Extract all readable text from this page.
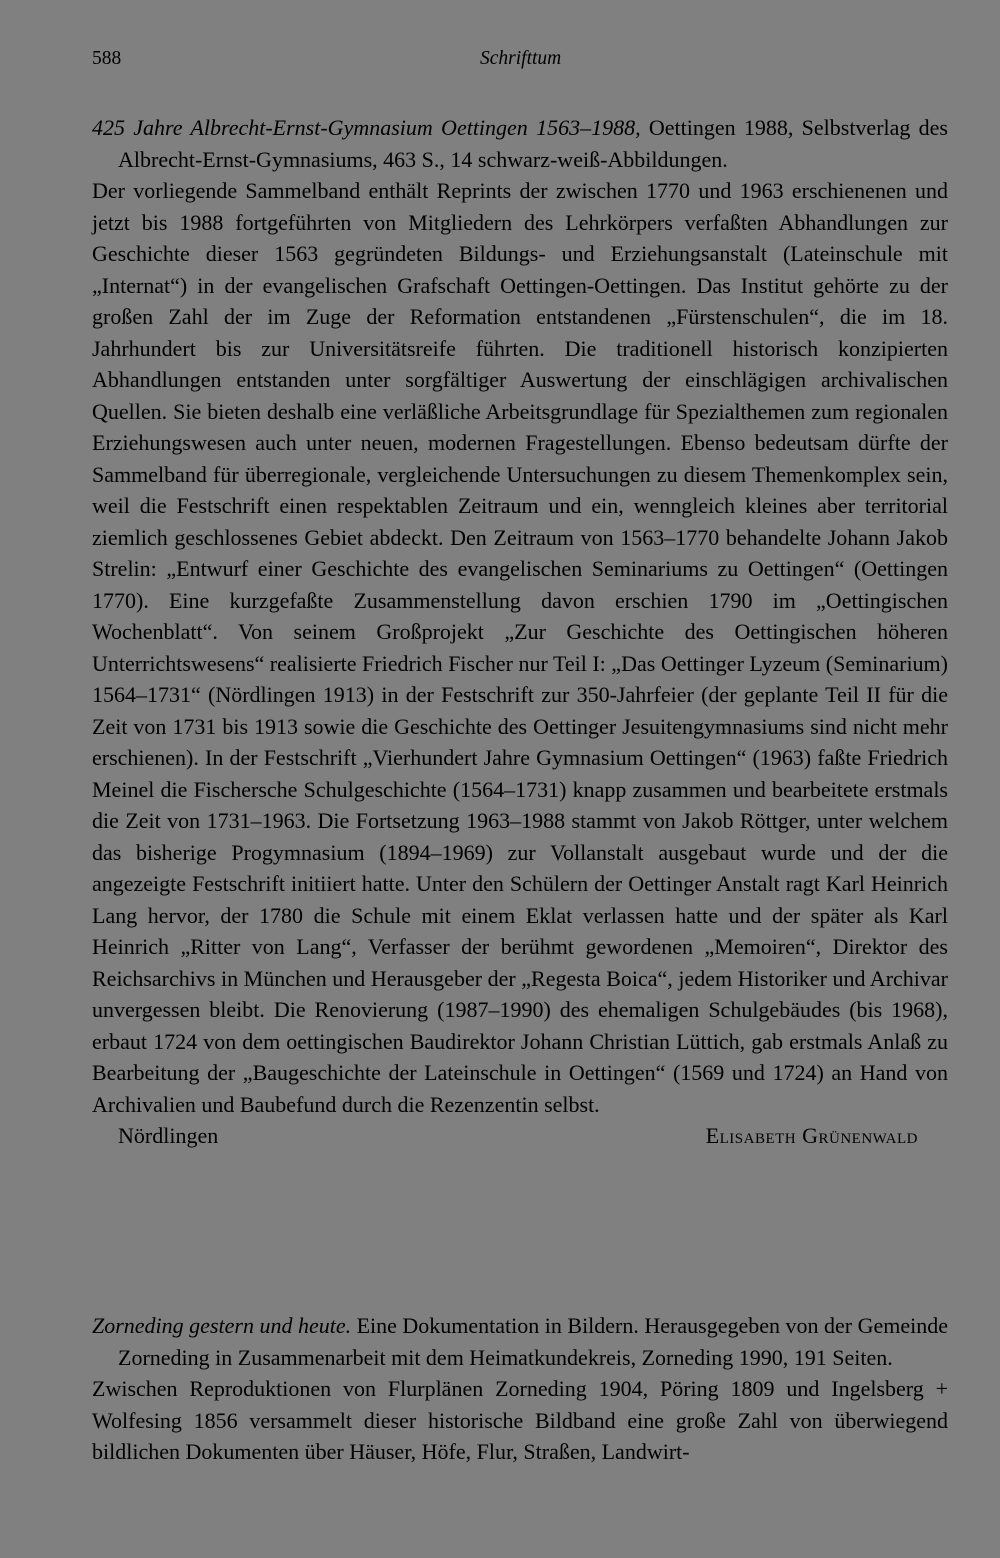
588	Schrifttum

425 Jahre Albrecht-Ernst-Gymnasium Oettingen 1563–1988, Oettingen 1988, Selbstverlag des Albrecht-Ernst-Gymnasiums, 463 S., 14 schwarz-weiß-Abbildungen.

Der vorliegende Sammelband enthält Reprints der zwischen 1770 und 1963 erschienenen und jetzt bis 1988 fortgeführten von Mitgliedern des Lehrkörpers verfaßten Abhandlungen zur Geschichte dieser 1563 gegründeten Bildungs- und Erziehungsanstalt (Lateinschule mit „Internat“) in der evangelischen Grafschaft Oettingen-Oettingen. Das Institut gehörte zu der großen Zahl der im Zuge der Reformation entstandenen „Fürstenschulen“, die im 18. Jahrhundert bis zur Universitätsreife führten. Die traditionell historisch konzipierten Abhandlungen entstanden unter sorgfältiger Auswertung der einschlägigen archivalischen Quellen. Sie bieten deshalb eine verläßliche Arbeitsgrundlage für Spezialthemen zum regionalen Erziehungswesen auch unter neuen, modernen Fragestellungen. Ebenso bedeutsam dürfte der Sammelband für überregionale, vergleichende Untersuchungen zu diesem Themenkomplex sein, weil die Festschrift einen respektablen Zeitraum und ein, wenngleich kleines aber territorial ziemlich geschlossenes Gebiet abdeckt. Den Zeitraum von 1563–1770 behandelte Johann Jakob Strelin: „Entwurf einer Geschichte des evangelischen Seminariums zu Oettingen“ (Oettingen 1770). Eine kurzgefaßte Zusammenstellung davon erschien 1790 im „Oettingischen Wochenblatt“. Von seinem Großprojekt „Zur Geschichte des Oettingischen höheren Unterrichtswesens“ realisierte Friedrich Fischer nur Teil I: „Das Oettinger Lyzeum (Seminarium) 1564–1731“ (Nördlingen 1913) in der Festschrift zur 350-Jahrfeier (der geplante Teil II für die Zeit von 1731 bis 1913 sowie die Geschichte des Oettinger Jesuitengymnasiums sind nicht mehr erschienen). In der Festschrift „Vierhundert Jahre Gymnasium Oettingen“ (1963) faßte Friedrich Meinel die Fischersche Schulgeschichte (1564–1731) knapp zusammen und bearbeitete erstmals die Zeit von 1731–1963. Die Fortsetzung 1963–1988 stammt von Jakob Röttger, unter welchem das bisherige Progymnasium (1894–1969) zur Vollanstalt ausgebaut wurde und der die angezeigte Festschrift initiiert hatte. Unter den Schülern der Oettinger Anstalt ragt Karl Heinrich Lang hervor, der 1780 die Schule mit einem Eklat verlassen hatte und der später als Karl Heinrich „Ritter von Lang“, Verfasser der berühmt gewordenen „Memoiren“, Direktor des Reichsarchivs in München und Herausgeber der „Regesta Boica“, jedem Historiker und Archivar unvergessen bleibt. Die Renovierung (1987–1990) des ehemaligen Schulgebäudes (bis 1968), erbaut 1724 von dem oettingischen Baudirektor Johann Christian Lüttich, gab erstmals Anlaß zu Bearbeitung der „Baugeschichte der Lateinschule in Oettingen“ (1569 und 1724) an Hand von Archivalien und Baubefund durch die Rezenzentin selbst.

Nördlingen	Elisabeth Grünenwald

Zorneding gestern und heute. Eine Dokumentation in Bildern. Herausgegeben von der Gemeinde Zorneding in Zusammenarbeit mit dem Heimatkundekreis, Zorneding 1990, 191 Seiten.

Zwischen Reproduktionen von Flurplänen Zorneding 1904, Pöring 1809 und Ingelsberg + Wolfesing 1856 versammelt dieser historische Bildband eine große Zahl von überwiegend bildlichen Dokumenten über Häuser, Höfe, Flur, Straßen, Landwirt-
